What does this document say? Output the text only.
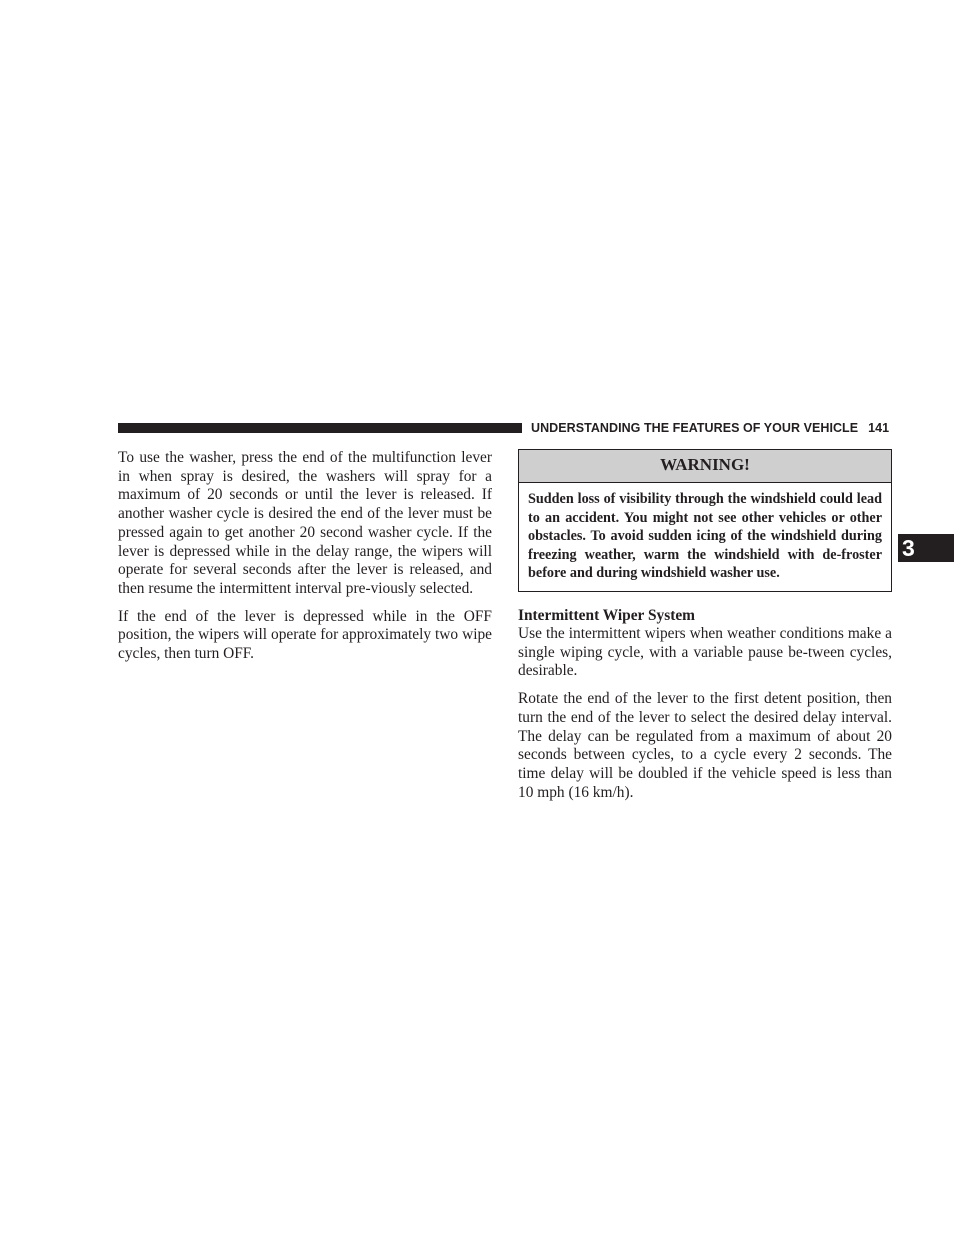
UNDERSTANDING THE FEATURES OF YOUR VEHICLE 141
3

To use the washer, press the end of the multifunction lever in when spray is desired, the washers will spray for a maximum of 20 seconds or until the lever is released. If another washer cycle is desired the end of the lever must be pressed again to get another 20 second washer cycle. If the lever is depressed while in the delay range, the wipers will operate for several seconds after the lever is released, and then resume the intermittent interval pre-viously selected.

If the end of the lever is depressed while in the OFF position, the wipers will operate for approximately two wipe cycles, then turn OFF.

WARNING!

Sudden loss of visibility through the windshield could lead to an accident. You might not see other vehicles or other obstacles. To avoid sudden icing of the windshield during freezing weather, warm the windshield with de-froster before and during windshield washer use.

Intermittent Wiper System

Use the intermittent wipers when weather conditions make a single wiping cycle, with a variable pause be-tween cycles, desirable.

Rotate the end of the lever to the first detent position, then turn the end of the lever to select the desired delay interval. The delay can be regulated from a maximum of about 20 seconds between cycles, to a cycle every 2 seconds. The time delay will be doubled if the vehicle speed is less than 10 mph (16 km/h).
